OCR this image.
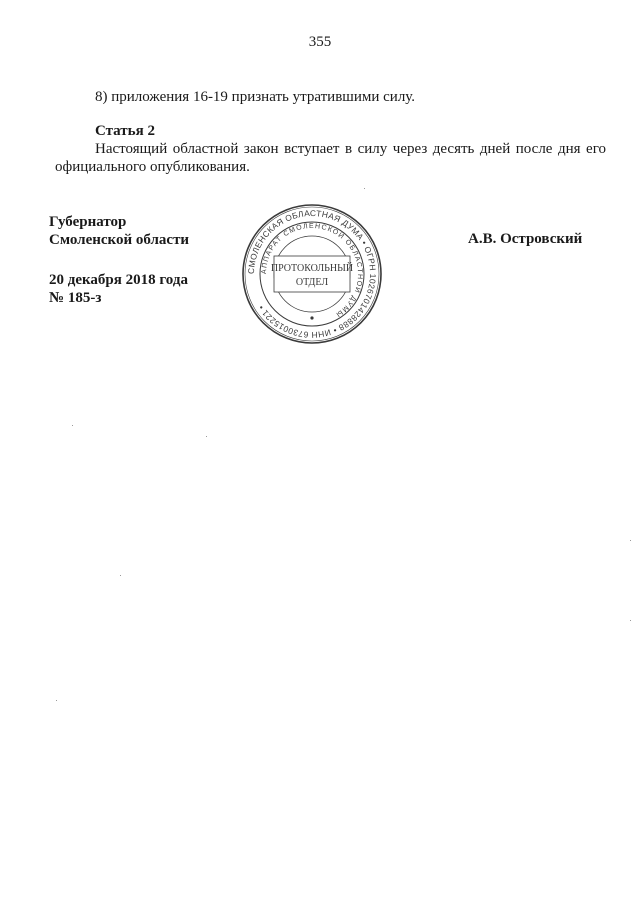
355
8) приложения 16-19 признать утратившими силу.
Статья 2
Настоящий областной закон вступает в силу через десять дней после дня его
официального опубликования.
Губернатор
Смоленской области
20 декабря 2018 года
№ 185-з
А.В. Островский
СМОЛЕНСКАЯ ОБЛАСТНАЯ ДУМА • ОГРН 1026701428888 • ИНН 6730015221 •
АППАРАТ СМОЛЕНСКОЙ ОБЛАСТНОЙ ДУМЫ
ПРОТОКОЛЬНЫЙ
ОТДЕЛ
